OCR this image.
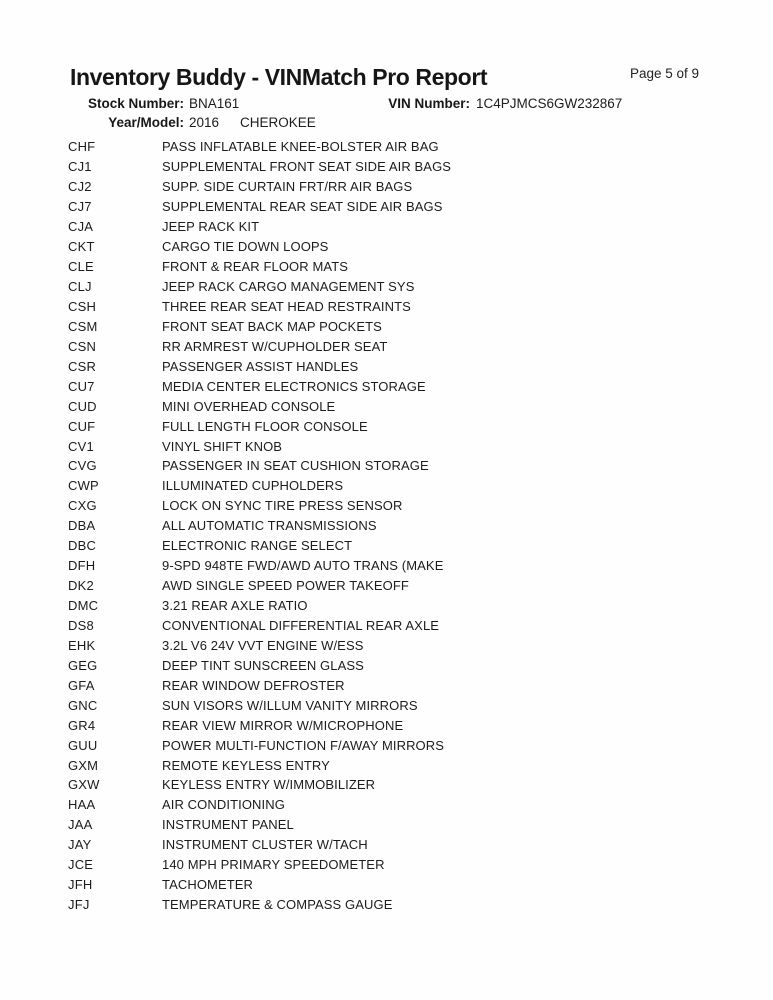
Inventory Buddy - VINMatch Pro Report	Page 5 of 9
Stock Number: BNA161	VIN Number: 1C4PJMCS6GW232867
Year/Model: 2016 CHEROKEE
CHF	PASS INFLATABLE KNEE-BOLSTER AIR BAG
CJ1	SUPPLEMENTAL FRONT SEAT SIDE AIR BAGS
CJ2	SUPP. SIDE CURTAIN FRT/RR AIR BAGS
CJ7	SUPPLEMENTAL REAR SEAT SIDE AIR BAGS
CJA	JEEP RACK KIT
CKT	CARGO TIE DOWN LOOPS
CLE	FRONT & REAR FLOOR MATS
CLJ	JEEP RACK CARGO MANAGEMENT SYS
CSH	THREE REAR SEAT HEAD RESTRAINTS
CSM	FRONT SEAT BACK MAP POCKETS
CSN	RR ARMREST W/CUPHOLDER SEAT
CSR	PASSENGER ASSIST HANDLES
CU7	MEDIA CENTER ELECTRONICS STORAGE
CUD	MINI OVERHEAD CONSOLE
CUF	FULL LENGTH FLOOR CONSOLE
CV1	VINYL SHIFT KNOB
CVG	PASSENGER IN SEAT CUSHION STORAGE
CWP	ILLUMINATED CUPHOLDERS
CXG	LOCK ON SYNC TIRE PRESS SENSOR
DBA	ALL AUTOMATIC TRANSMISSIONS
DBC	ELECTRONIC RANGE SELECT
DFH	9-SPD 948TE FWD/AWD AUTO TRANS (MAKE
DK2	AWD SINGLE SPEED POWER TAKEOFF
DMC	3.21 REAR AXLE RATIO
DS8	CONVENTIONAL DIFFERENTIAL REAR AXLE
EHK	3.2L V6 24V VVT ENGINE W/ESS
GEG	DEEP TINT SUNSCREEN GLASS
GFA	REAR WINDOW DEFROSTER
GNC	SUN VISORS W/ILLUM VANITY MIRRORS
GR4	REAR VIEW MIRROR W/MICROPHONE
GUU	POWER MULTI-FUNCTION F/AWAY MIRRORS
GXM	REMOTE KEYLESS ENTRY
GXW	KEYLESS ENTRY W/IMMOBILIZER
HAA	AIR CONDITIONING
JAA	INSTRUMENT PANEL
JAY	INSTRUMENT CLUSTER W/TACH
JCE	140 MPH PRIMARY SPEEDOMETER
JFH	TACHOMETER
JFJ	TEMPERATURE & COMPASS GAUGE
